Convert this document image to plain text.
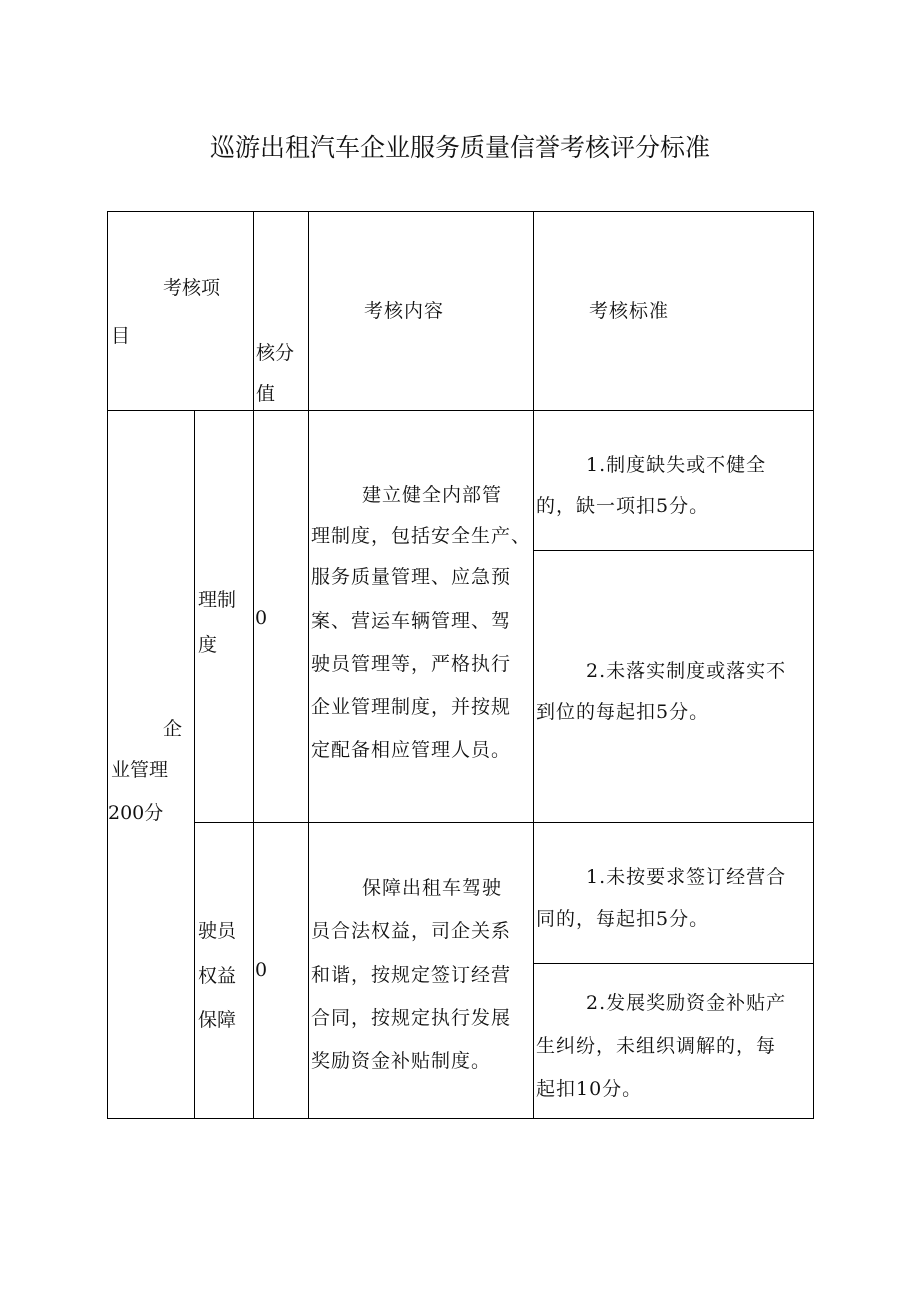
巡游出租汽车企业服务质量信誉考核评分标准
考核项
目
核分
值
考核内容	考核标准
企
业管理
200分
理制
度
0
建立健全内部管
理制度，包括安全生产、
服务质量管理、应急预
案、营运车辆管理、驾
驶员管理等，严格执行
企业管理制度，并按规
定配备相应管理人员。
1.制度缺失或不健全
的，缺一项扣5分。
2.未落实制度或落实不
到位的每起扣5分。
驶员
权益
保障
0
保障出租车驾驶
员合法权益，司企关系
和谐，按规定签订经营
合同，按规定执行发展
奖励资金补贴制度。
1.未按要求签订经营合
同的，每起扣5分。
2.发展奖励资金补贴产
生纠纷，未组织调解的，每
起扣10分。
